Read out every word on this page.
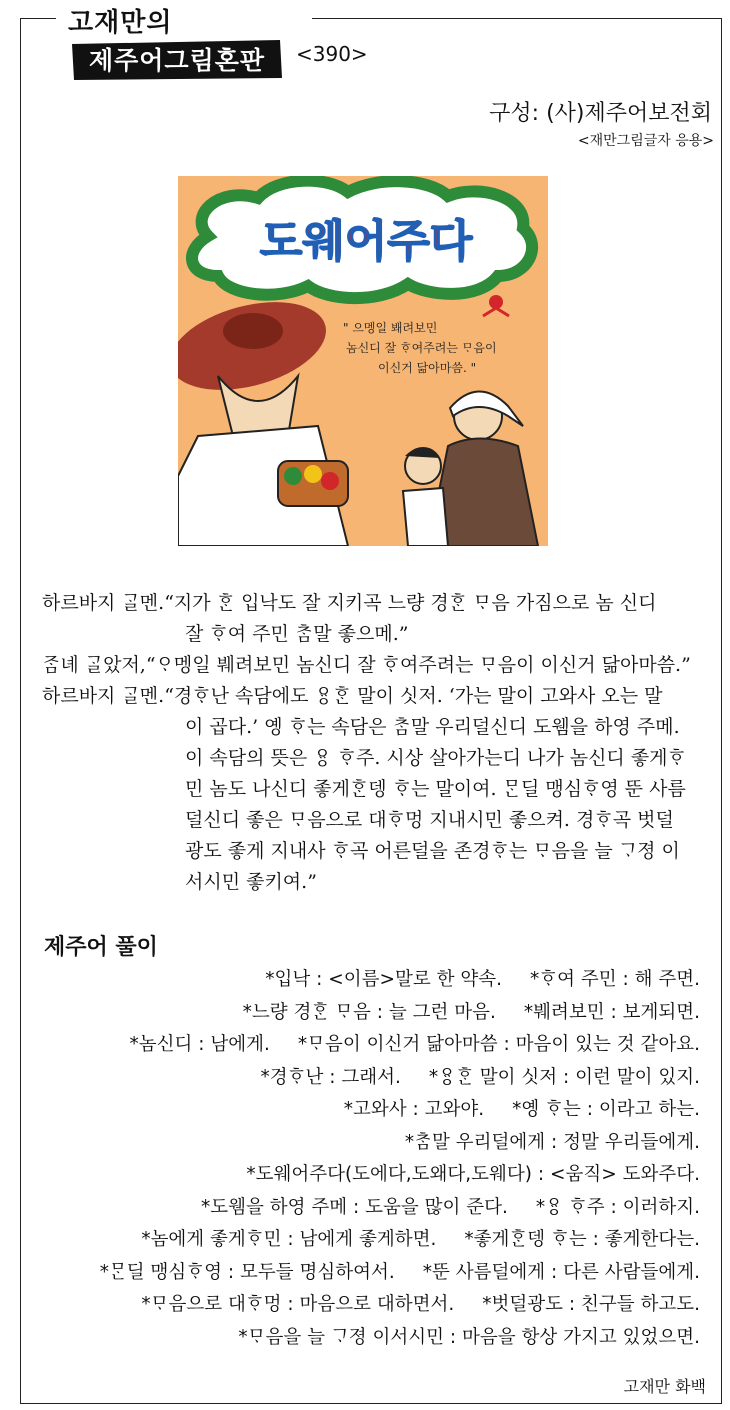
고재만의
제주어그림혼판 <390>
구성: (사)제주어보전회
<재만그림글자 응용>
도웨어주다
" 으멩일 봬려보민
놈신디 잘 ᄒᆞ여주려는 ᄆᆞ음이
이신거 닮아마씀. "
하르바지 ᄀᆞᆯ멘. “지가 ᄒᆞᆫ 입낙도 잘 지키곡 느량 경ᄒᆞᆫ ᄆᆞ음 가짐으로 놈 신디
잘 ᄒᆞ여 주민 ᄎᆞᆷ말 좋으메.”
ᄌᆞᆷ녜 ᄀᆞᆯ았저, “ᄋᆞ멩일 붸려보민 놈신디 잘 ᄒᆞ여주려는 ᄆᆞ음이 이신거 닮아마씀.”
하르바지 ᄀᆞᆯ멘. “경ᄒᆞ난 속담에도 ᄋᆢᆼᄒᆞᆫ 말이 싯저. ‘가는 말이 고와사 오는 말
이 곱다.’ 옝 ᄒᆞ는 속담은 ᄎᆞᆷ말 우리덜신디 도웸을 하영 주메.
이 속담의 뜻은 ᄋᆢᆼ ᄒᆞ주. 시상 살아가는디 나가 놈신디 좋게ᄒᆞ
민 놈도 나신디 좋게ᄒᆞᆫ뎅 ᄒᆞ는 말이여. ᄆᆞᆫ딜 맹심ᄒᆞ영 뚠 사름
덜신디 좋은 ᄆᆞ음으로 대ᄒᆞ멍 지내시민 좋으켜. 경ᄒᆞ곡 벗덜
광도 좋게 지내사 ᄒᆞ곡 어른덜을 존경ᄒᆞ는 ᄆᆞ음을 늘 ᄀᆞ졍 이
서시민 좋키여.”
제주어 풀이
*입낙 : <이름>말로 한 약속. *ᄒᆞ여 주민 : 해 주면.
*느량 경ᄒᆞᆫ ᄆᆞ음 : 늘 그런 마음. *붸려보민 : 보게되면.
*놈신디 : 남에게. *ᄆᆞ음이 이신거 닮아마씀 : 마음이 있는 것 같아요.
*경ᄒᆞ난 : 그래서. *ᄋᆢᆼᄒᆞᆫ 말이 싯저 : 이런 말이 있지.
*고와사 : 고와야. *옝 ᄒᆞ는 : 이라고 하는.
*ᄎᆞᆷ말 우리덜에게 : 정말 우리들에게.
*도웨어주다(도에다,도왜다,도웨다) : <움직> 도와주다.
*도웸을 하영 주메 : 도움을 많이 준다. *ᄋᆢᆼ ᄒᆞ주 : 이러하지.
*놈에게 좋게ᄒᆞ민 : 남에게 좋게하면. *좋게ᄒᆞᆫ뎅 ᄒᆞ는 : 좋게한다는.
*ᄆᆞᆫ딜 맹심ᄒᆞ영 : 모두들 명심하여서. *뚠 사름덜에게 : 다른 사람들에게.
*ᄆᆞ음으로 대ᄒᆞ멍 : 마음으로 대하면서. *벗덜광도 : 친구들 하고도.
*ᄆᆞ음을 늘 ᄀᆞ졍 이서시민 : 마음을 항상 가지고 있었으면.
고재만 화백
